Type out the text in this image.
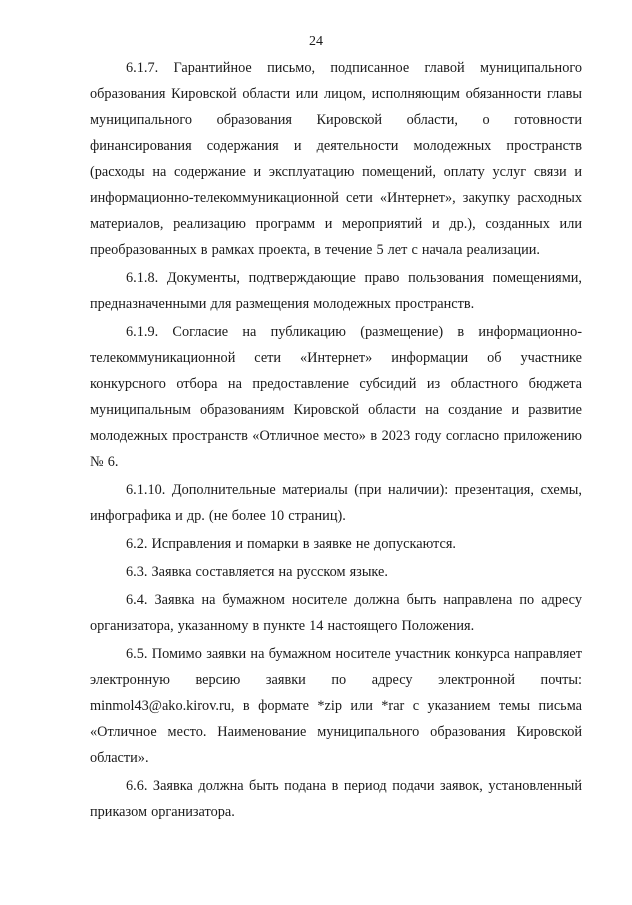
24

6.1.7. Гарантийное письмо, подписанное главой муниципального образования Кировской области или лицом, исполняющим обязанности главы муниципального образования Кировской области, о готовности финансирования содержания и деятельности молодежных пространств (расходы на содержание и эксплуатацию помещений, оплату услуг связи и информационно-телекоммуникационной сети «Интернет», закупку расходных материалов, реализацию программ и мероприятий и др.), созданных или преобразованных в рамках проекта, в течение 5 лет с начала реализации.

6.1.8. Документы, подтверждающие право пользования помещениями, предназначенными для размещения молодежных пространств.

6.1.9. Согласие на публикацию (размещение) в информационно-телекоммуникационной сети «Интернет» информации об участнике конкурсного отбора на предоставление субсидий из областного бюджета муниципальным образованиям Кировской области на создание и развитие молодежных пространств «Отличное место» в 2023 году согласно приложению № 6.

6.1.10. Дополнительные материалы (при наличии): презентация, схемы, инфографика и др. (не более 10 страниц).

6.2. Исправления и помарки в заявке не допускаются.

6.3. Заявка составляется на русском языке.

6.4. Заявка на бумажном носителе должна быть направлена по адресу организатора, указанному в пункте 14 настоящего Положения.

6.5. Помимо заявки на бумажном носителе участник конкурса направляет электронную версию заявки по адресу электронной почты: minmol43@ako.kirov.ru, в формате *zip или *rar с указанием темы письма «Отличное место. Наименование муниципального образования Кировской области».

6.6. Заявка должна быть подана в период подачи заявок, установленный приказом организатора.
